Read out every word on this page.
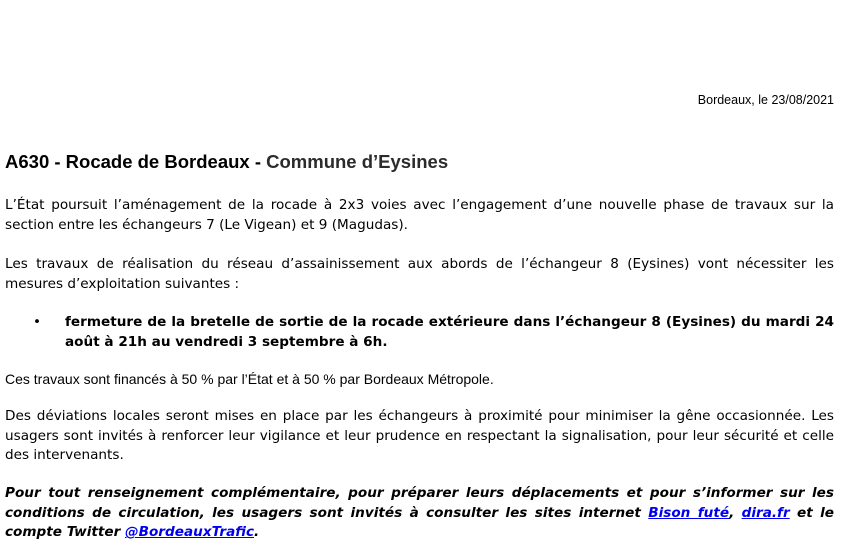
Bordeaux, le 23/08/2021
A630 - Rocade de Bordeaux - Commune d’Eysines

L’État poursuit l’aménagement de la rocade à 2x3 voies avec l’engagement d’une nouvelle phase de travaux sur la section entre les échangeurs 7 (Le Vigean) et 9 (Magudas).

Les travaux de réalisation du réseau d’assainissement aux abords de l’échangeur 8 (Eysines) vont nécessiter les mesures d’exploitation suivantes :

• fermeture de la bretelle de sortie de la rocade extérieure dans l’échangeur 8 (Eysines) du mardi 24 août à 21h au vendredi 3 septembre à 6h.

Ces travaux sont financés à 50 % par l’État et à 50 % par Bordeaux Métropole.

Des déviations locales seront mises en place par les échangeurs à proximité pour minimiser la gêne occasionnée. Les usagers sont invités à renforcer leur vigilance et leur prudence en respectant la signalisation, pour leur sécurité et celle des intervenants.

Pour tout renseignement complémentaire, pour préparer leurs déplacements et pour s’informer sur les conditions de circulation, les usagers sont invités à consulter les sites internet Bison futé, dira.fr et le compte Twitter @BordeauxTrafic.
